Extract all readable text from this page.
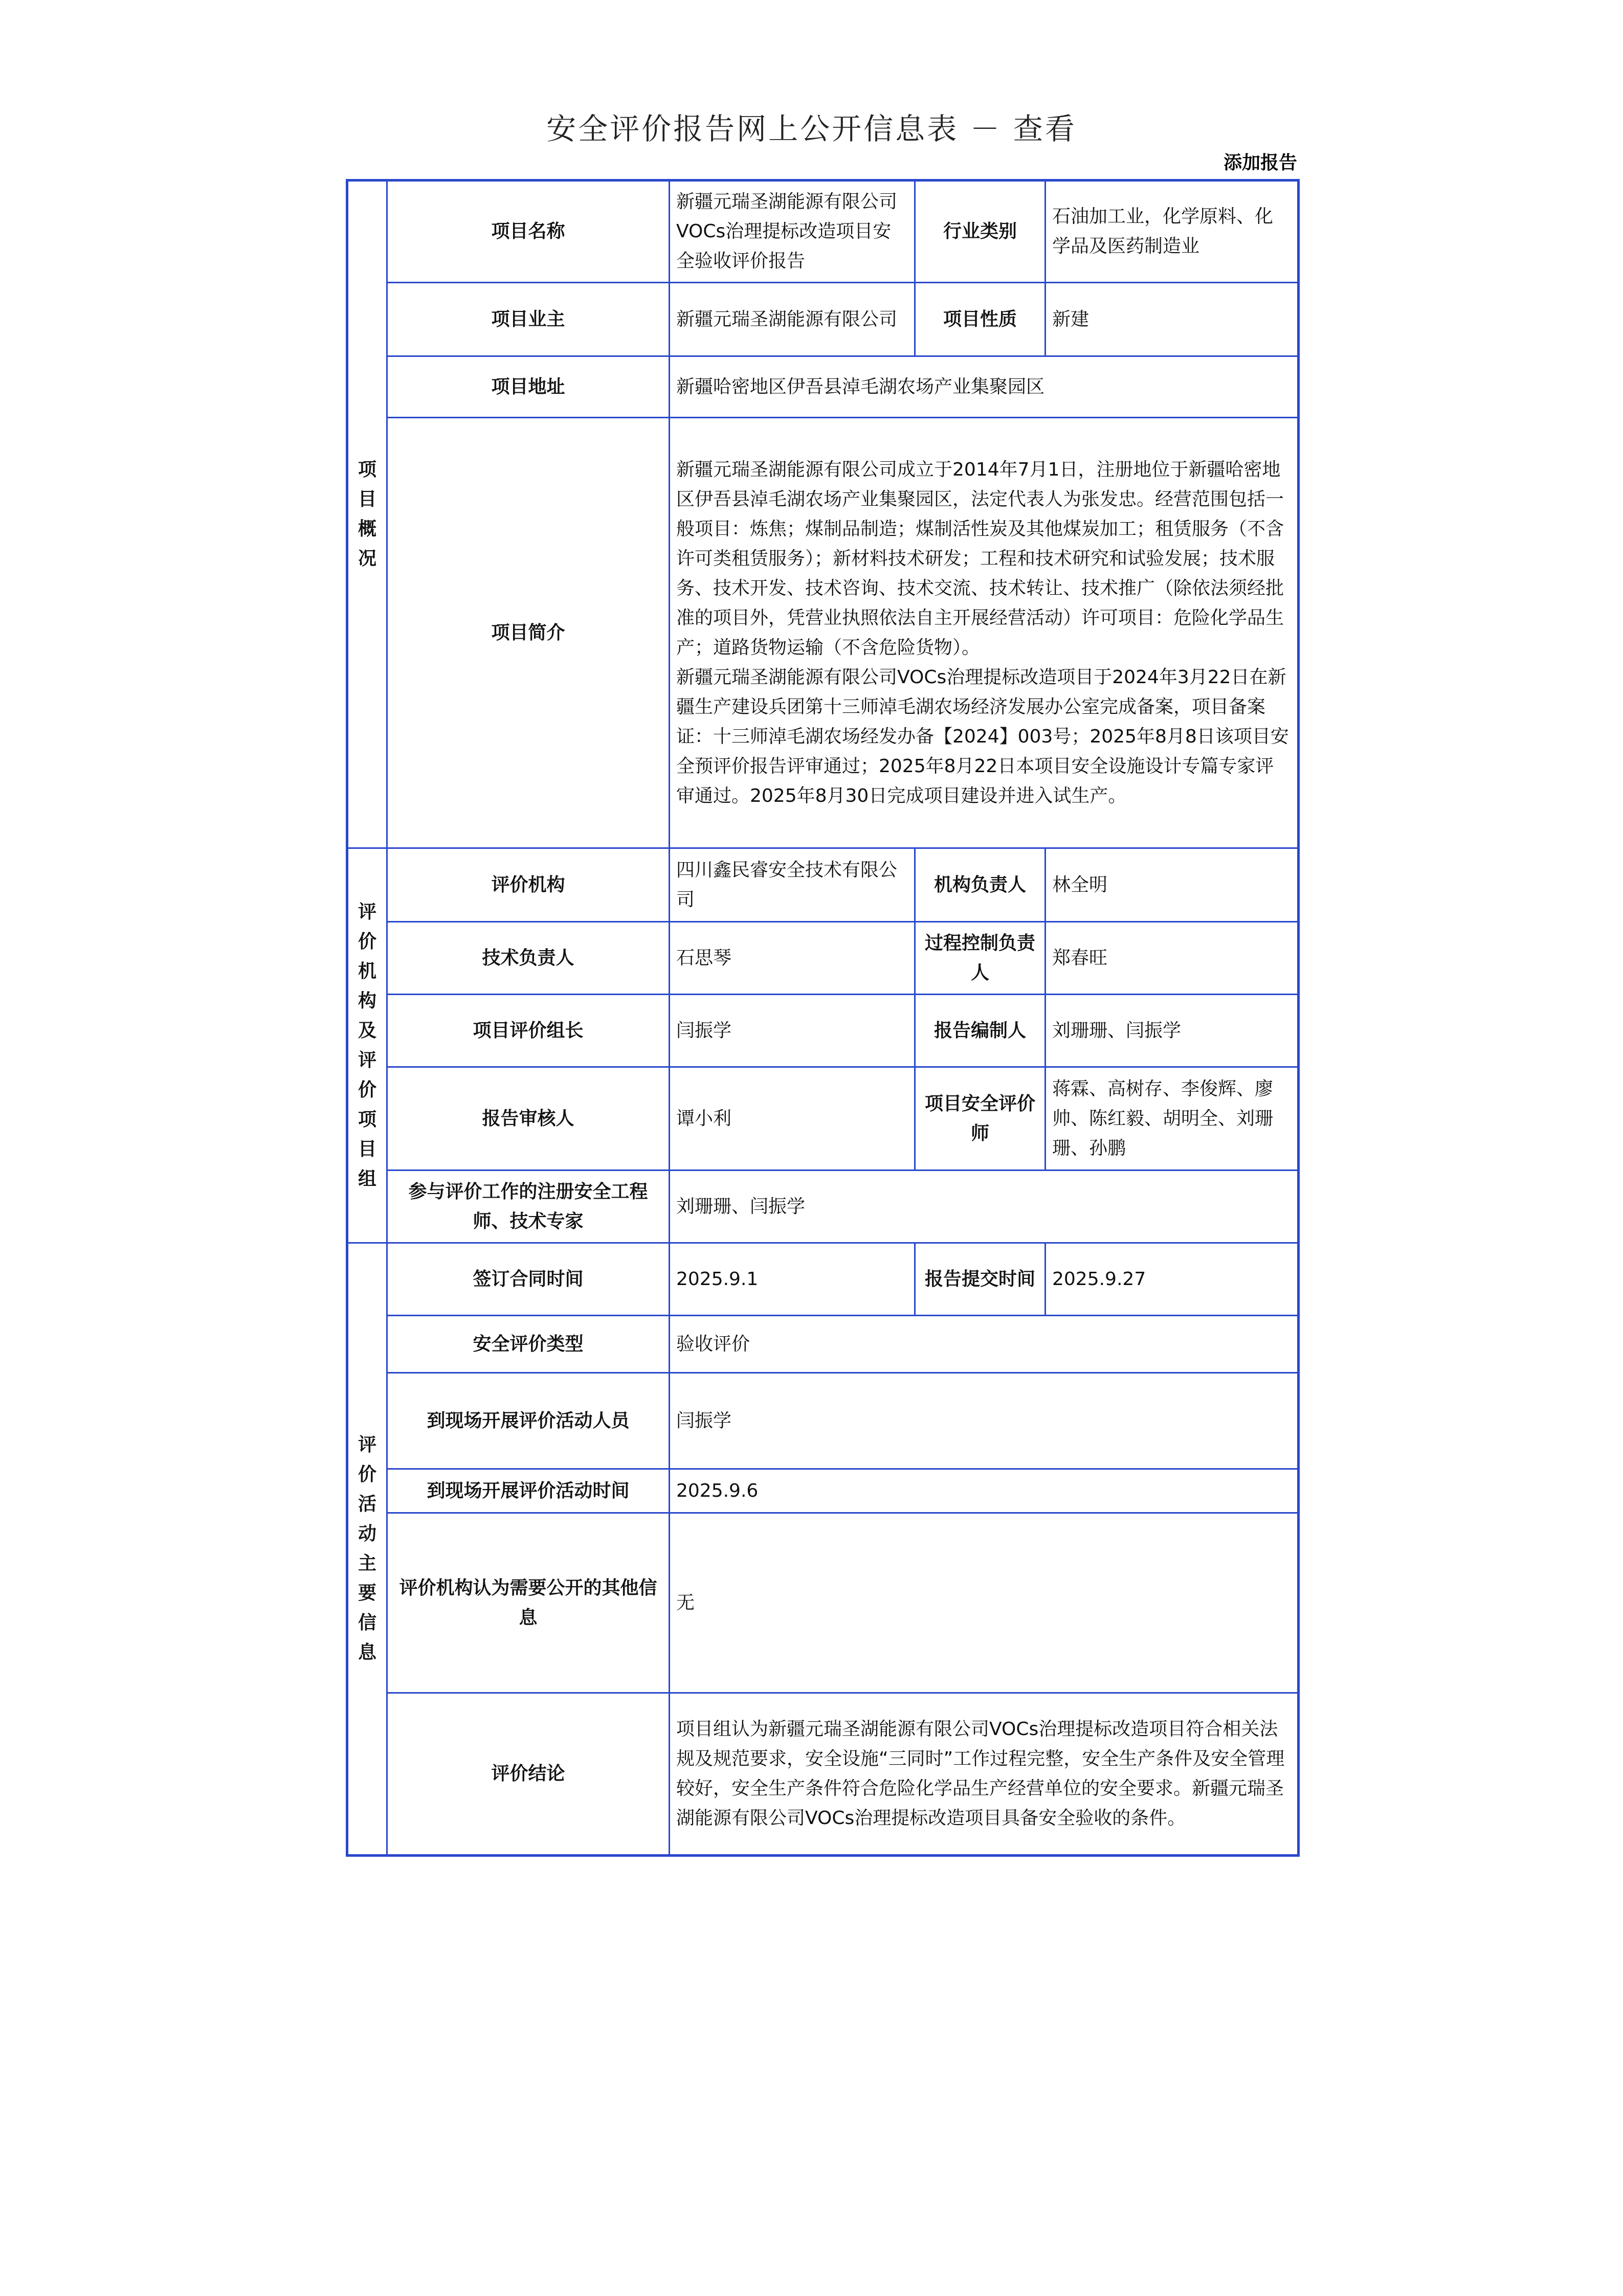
安全评价报告网上公开信息表 － 查看
添加报告
项目概况	项目名称	新疆元瑞圣湖能源有限公司VOCs治理提标改造项目安全验收评价报告	行业类别	石油加工业，化学原料、化学品及医药制造业
	项目业主	新疆元瑞圣湖能源有限公司	项目性质	新建
	项目地址	新疆哈密地区伊吾县淖毛湖农场产业集聚园区		
	项目简介	新疆元瑞圣湖能源有限公司成立于2014年7月1日，注册地位于新疆哈密地区伊吾县淖毛湖农场产业集聚园区，法定代表人为张发忠。经营范围包括一般项目：炼焦；煤制品制造；煤制活性炭及其他煤炭加工；租赁服务（不含许可类租赁服务）；新材料技术研发；工程和技术研究和试验发展；技术服务、技术开发、技术咨询、技术交流、技术转让、技术推广（除依法须经批准的项目外，凭营业执照依法自主开展经营活动）许可项目：危险化学品生产；道路货物运输（不含危险货物）。
新疆元瑞圣湖能源有限公司VOCs治理提标改造项目于2024年3月22日在新疆生产建设兵团第十三师淖毛湖农场经济发展办公室完成备案，项目备案证：十三师淖毛湖农场经发办备【2024】003号；2025年8月8日该项目安全预评价报告评审通过；2025年8月22日本项目安全设施设计专篇专家评审通过。2025年8月30日完成项目建设并进入试生产。		

评价机构及评价项目组	评价机构	四川鑫民睿安全技术有限公司	机构负责人	林全明
	技术负责人	石思琴	过程控制负责人	郑春旺
	项目评价组长	闫振学	报告编制人	刘珊珊、闫振学
	报告审核人	谭小利	项目安全评价师	蒋霖、高树存、李俊辉、廖帅、陈红毅、胡明全、刘珊珊、孙鹏
	参与评价工作的注册安全工程师、技术专家	刘珊珊、闫振学		
评价活动主要信息	签订合同时间	2025.9.1	报告提交时间	2025.9.27
	安全评价类型	验收评价		
	到现场开展评价活动人员	闫振学		
	到现场开展评价活动时间	2025.9.6		
	评价机构认为需要公开的其他信息	无		
	评价结论	项目组认为新疆元瑞圣湖能源有限公司VOCs治理提标改造项目符合相关法规及规范要求，安全设施“三同时”工作过程完整，安全生产条件及安全管理较好，安全生产条件符合危险化学品生产经营单位的安全要求。新疆元瑞圣湖能源有限公司VOCs治理提标改造项目具备安全验收的条件。		
